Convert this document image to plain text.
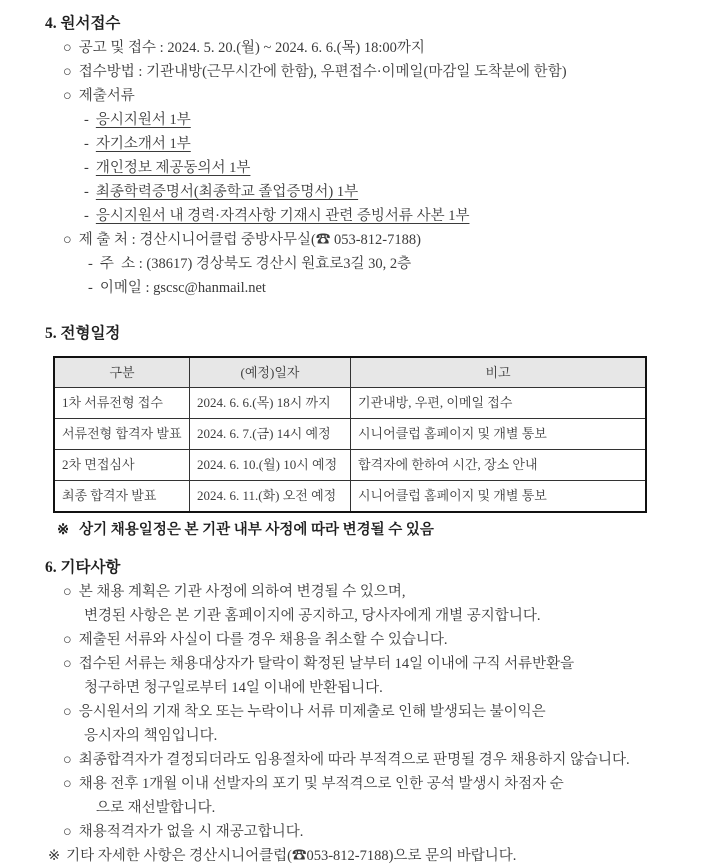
4. 원서접수
○ 공고 및 접수 : 2024. 5. 20.(월) ~ 2024. 6. 6.(목) 18:00까지
○ 접수방법 : 기관내방(근무시간에 한함), 우편접수·이메일(마감일 도착분에 한함)
○ 제출서류
- 응시지원서 1부
- 자기소개서 1부
- 개인정보 제공동의서 1부
- 최종학력증명서(최종학교 졸업증명서) 1부
- 응시지원서 내 경력·자격사항 기재시 관련 증빙서류 사본 1부
○ 제 출 처 : 경산시니어클럽 중방사무실(☎ 053-812-7188)
- 주  소 : (38617) 경상북도 경산시 원효로3길 30, 2층
- 이메일 : gscsc@hanmail.net
5. 전형일정
구분	(예정)일자	비고
1차 서류전형 접수	2024. 6. 6.(목) 18시 까지	기관내방, 우편, 이메일 접수
서류전형 합격자 발표	2024. 6. 7.(금) 14시 예정	시니어클럽 홈페이지 및 개별 통보
2차 면접심사	2024. 6. 10.(월) 10시 예정	합격자에 한하여 시간, 장소 안내
최종 합격자 발표	2024. 6. 11.(화) 오전 예정	시니어클럽 홈페이지 및 개별 통보
※ 상기 채용일정은 본 기관 내부 사정에 따라 변경될 수 있음
6. 기타사항
○ 본 채용 계획은 기관 사정에 의하여 변경될 수 있으며,
변경된 사항은 본 기관 홈페이지에 공지하고, 당사자에게 개별 공지합니다.
○ 제출된 서류와 사실이 다를 경우 채용을 취소할 수 있습니다.
○ 접수된 서류는 채용대상자가 탈락이 확정된 날부터 14일 이내에 구직 서류반환을
청구하면 청구일로부터 14일 이내에 반환됩니다.
○ 응시원서의 기재 착오 또는 누락이나 서류 미제출로 인해 발생되는 불이익은
응시자의 책임입니다.
○ 최종합격자가 결정되더라도 임용절차에 따라 부적격으로 판명될 경우 채용하지 않습니다.
○ 채용 전후 1개월 이내 선발자의 포기 및 부적격으로 인한 공석 발생시 차점자 순
으로 재선발합니다.
○ 채용적격자가 없을 시 재공고합니다.
※ 기타 자세한 사항은 경산시니어클럽(☎053-812-7188)으로 문의 바랍니다.
